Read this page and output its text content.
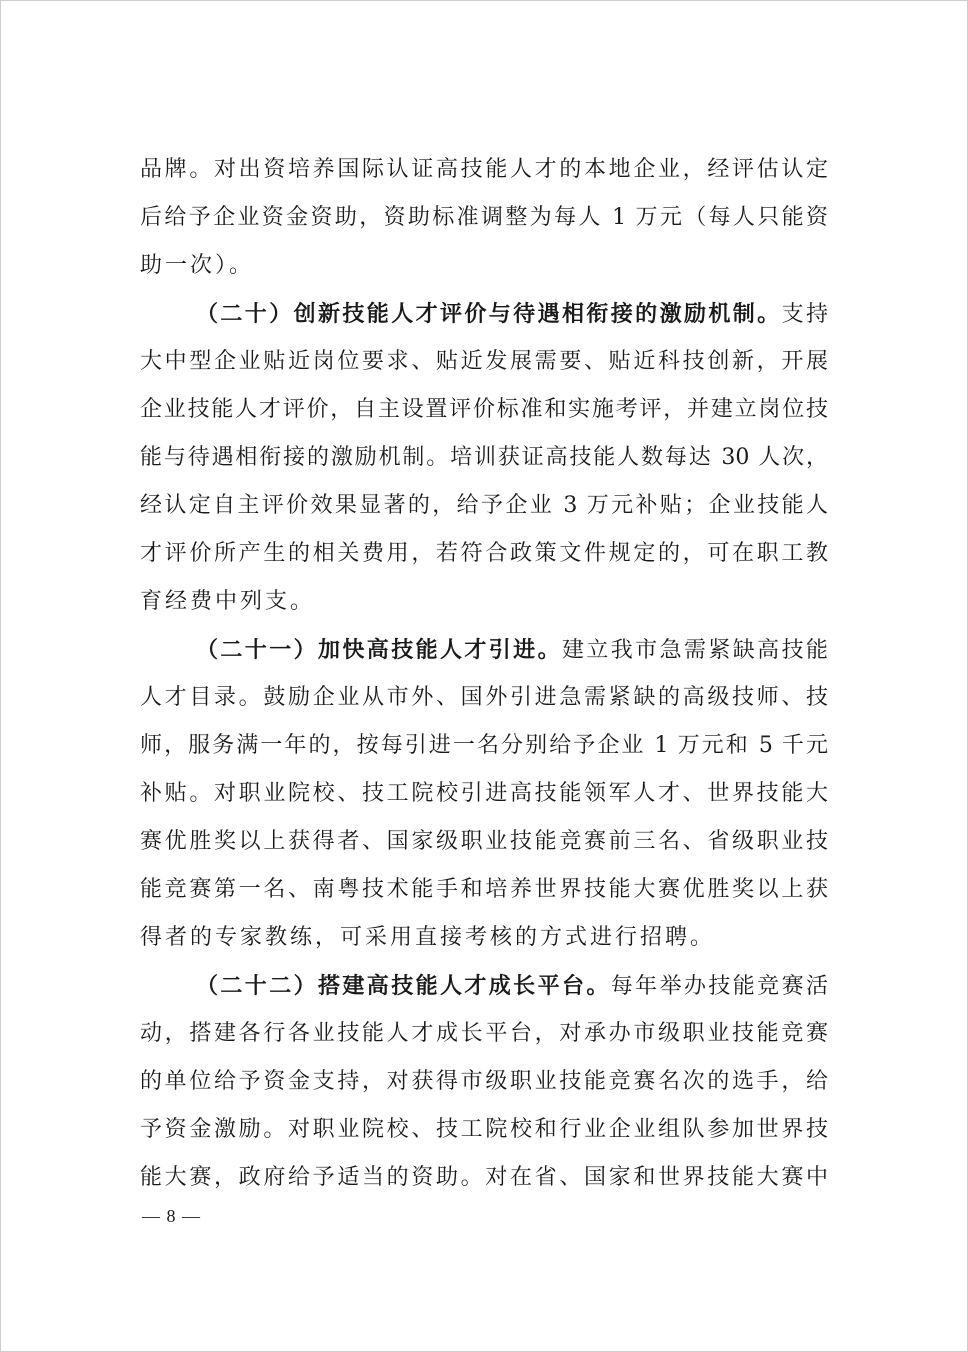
品牌。对出资培养国际认证高技能人才的本地企业，经评估认定
后给予企业资金资助，资助标准调整为每人 1 万元（每人只能资
助一次）。
（二十）创新技能人才评价与待遇相衔接的激励机制。支持
大中型企业贴近岗位要求、贴近发展需要、贴近科技创新，开展
企业技能人才评价，自主设置评价标准和实施考评，并建立岗位技
能与待遇相衔接的激励机制。培训获证高技能人数每达 30 人次，
经认定自主评价效果显著的，给予企业 3 万元补贴；企业技能人
才评价所产生的相关费用，若符合政策文件规定的，可在职工教
育经费中列支。
（二十一）加快高技能人才引进。建立我市急需紧缺高技能
人才目录。鼓励企业从市外、国外引进急需紧缺的高级技师、技
师，服务满一年的，按每引进一名分别给予企业 1 万元和 5 千元
补贴。对职业院校、技工院校引进高技能领军人才、世界技能大
赛优胜奖以上获得者、国家级职业技能竞赛前三名、省级职业技
能竞赛第一名、南粤技术能手和培养世界技能大赛优胜奖以上获
得者的专家教练，可采用直接考核的方式进行招聘。
（二十二）搭建高技能人才成长平台。每年举办技能竞赛活
动，搭建各行各业技能人才成长平台，对承办市级职业技能竞赛
的单位给予资金支持，对获得市级职业技能竞赛名次的选手，给
予资金激励。对职业院校、技工院校和行业企业组队参加世界技
能大赛，政府给予适当的资助。对在省、国家和世界技能大赛中
— 8 —
